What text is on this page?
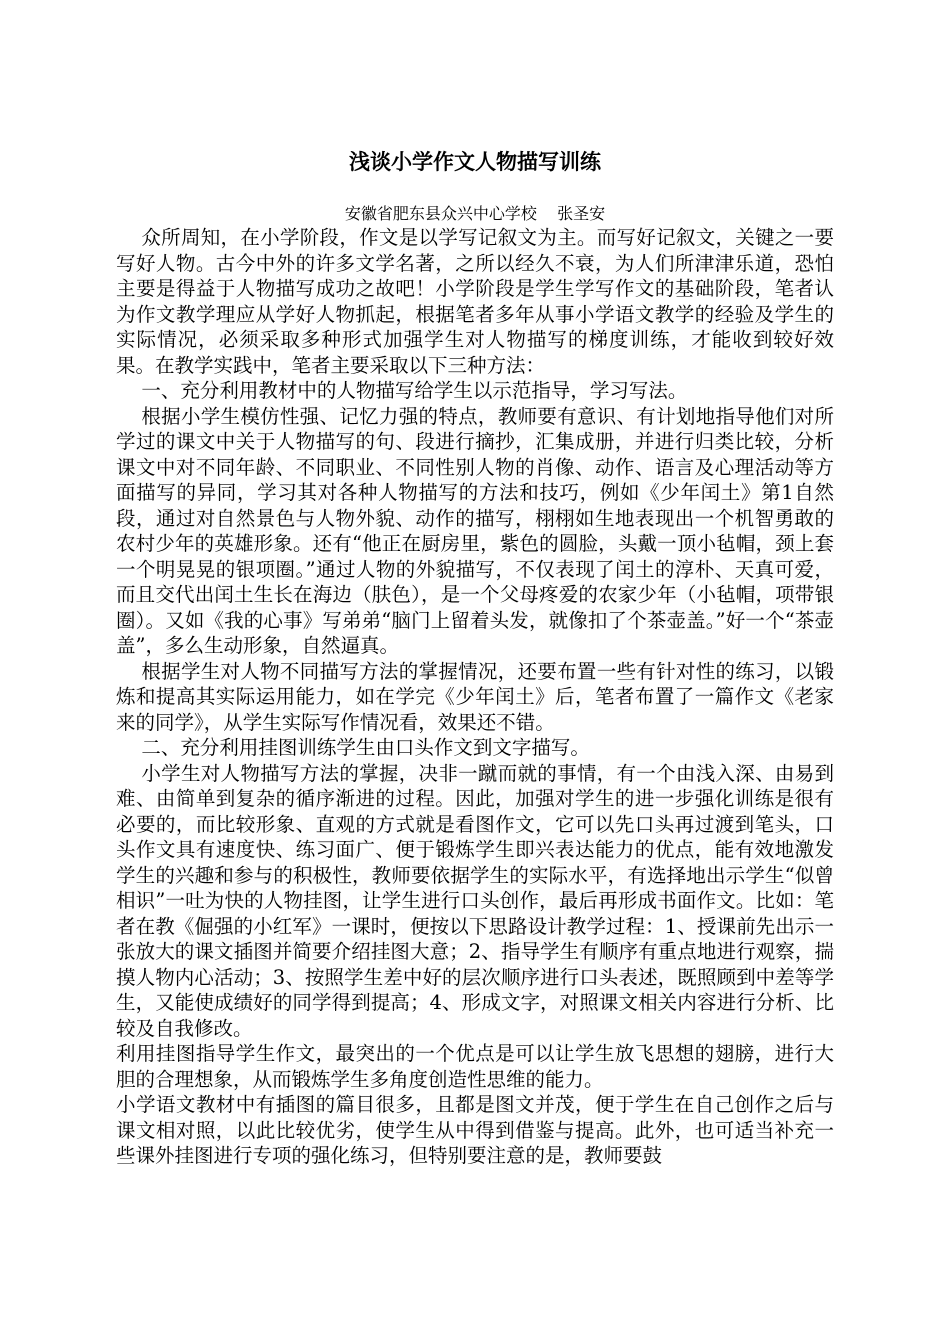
浅谈小学作文人物描写训练
安徽省肥东县众兴中心学校    张圣安

众所周知，在小学阶段，作文是以学写记叙文为主。而写好记叙文，关键之一要写好人物。古今中外的许多文学名著，之所以经久不衰，为人们所津津乐道，恐怕主要是得益于人物描写成功之故吧！小学阶段是学生学写作文的基础阶段，笔者认为作文教学理应从学好人物抓起，根据笔者多年从事小学语文教学的经验及学生的实际情况，必须采取多种形式加强学生对人物描写的梯度训练，才能收到较好效果。在教学实践中，笔者主要采取以下三种方法：

一、充分利用教材中的人物描写给学生以示范指导，学习写法。

根据小学生模仿性强、记忆力强的特点，教师要有意识、有计划地指导他们对所学过的课文中关于人物描写的句、段进行摘抄，汇集成册，并进行归类比较，分析课文中对不同年龄、不同职业、不同性别人物的肖像、动作、语言及心理活动等方面描写的异同，学习其对各种人物描写的方法和技巧，例如《少年闰土》第1自然段，通过对自然景色与人物外貌、动作的描写，栩栩如生地表现出一个机智勇敢的农村少年的英雄形象。还有“他正在厨房里，紫色的圆脸，头戴一顶小毡帽，颈上套一个明晃晃的银项圈。”通过人物的外貌描写，不仅表现了闰土的淳朴、天真可爱，而且交代出闰土生长在海边（肤色），是一个父母疼爱的农家少年（小毡帽，项带银圈）。又如《我的心事》写弟弟“脑门上留着头发，就像扣了个茶壶盖。”好一个“茶壶盖”，多么生动形象，自然逼真。

根据学生对人物不同描写方法的掌握情况，还要布置一些有针对性的练习，以锻炼和提高其实际运用能力，如在学完《少年闰土》后，笔者布置了一篇作文《老家来的同学》，从学生实际写作情况看，效果还不错。

二、充分利用挂图训练学生由口头作文到文字描写。

小学生对人物描写方法的掌握，决非一蹴而就的事情，有一个由浅入深、由易到难、由简单到复杂的循序渐进的过程。因此，加强对学生的进一步强化训练是很有必要的，而比较形象、直观的方式就是看图作文，它可以先口头再过渡到笔头，口头作文具有速度快、练习面广、便于锻炼学生即兴表达能力的优点，能有效地激发学生的兴趣和参与的积极性，教师要依据学生的实际水平，有选择地出示学生“似曾相识”一吐为快的人物挂图，让学生进行口头创作，最后再形成书面作文。比如：笔者在教《倔强的小红军》一课时，便按以下思路设计教学过程：1、授课前先出示一张放大的课文插图并简要介绍挂图大意；2、指导学生有顺序有重点地进行观察，揣摸人物内心活动；3、按照学生差中好的层次顺序进行口头表述，既照顾到中差等学生，又能使成绩好的同学得到提高；4、形成文字，对照课文相关内容进行分析、比较及自我修改。

利用挂图指导学生作文，最突出的一个优点是可以让学生放飞思想的翅膀，进行大胆的合理想象，从而锻炼学生多角度创造性思维的能力。

小学语文教材中有插图的篇目很多，且都是图文并茂，便于学生在自己创作之后与课文相对照，以此比较优劣，使学生从中得到借鉴与提高。此外，也可适当补充一些课外挂图进行专项的强化练习，但特别要注意的是，教师要鼓
